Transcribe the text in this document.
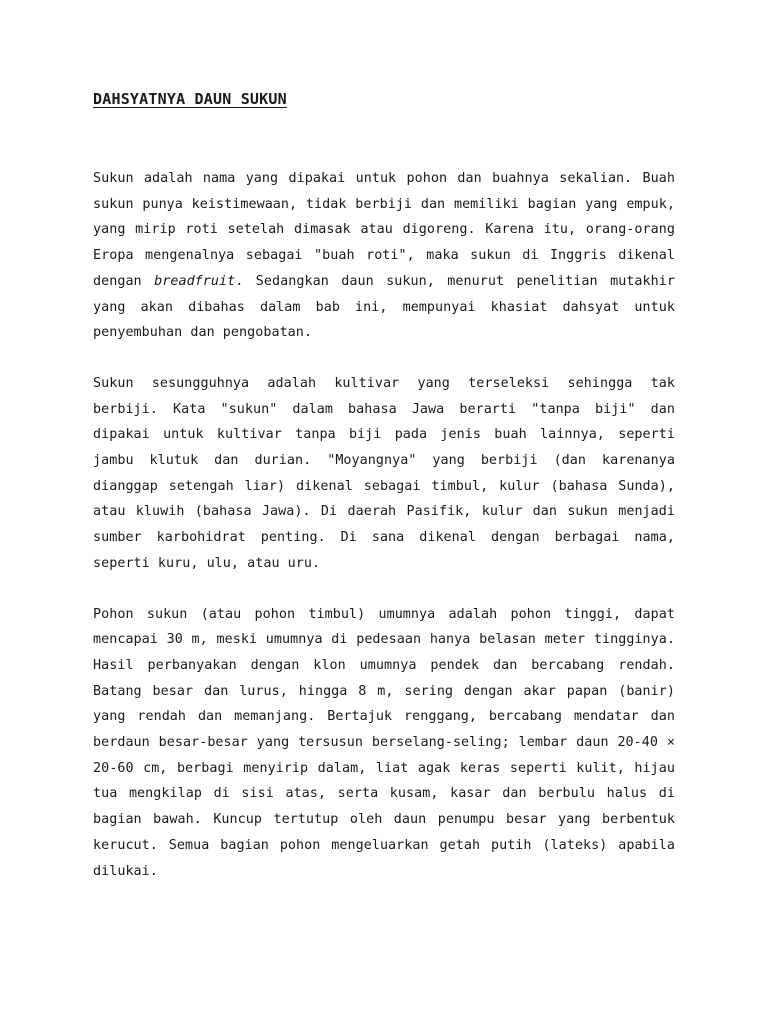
DAHSYATNYA DAUN SUKUN

Sukun adalah nama yang dipakai untuk pohon dan buahnya sekalian. Buah sukun punya keistimewaan, tidak berbiji dan memiliki bagian yang empuk, yang mirip roti setelah dimasak atau digoreng. Karena itu, orang-orang Eropa mengenalnya sebagai "buah roti", maka sukun di Inggris dikenal dengan breadfruit. Sedangkan daun sukun, menurut penelitian mutakhir yang akan dibahas dalam bab ini, mempunyai khasiat dahsyat untuk penyembuhan dan pengobatan.

Sukun sesungguhnya adalah kultivar yang terseleksi sehingga tak berbiji. Kata "sukun" dalam bahasa Jawa berarti "tanpa biji" dan dipakai untuk kultivar tanpa biji pada jenis buah lainnya, seperti jambu klutuk dan durian. "Moyangnya" yang berbiji (dan karenanya dianggap setengah liar) dikenal sebagai timbul, kulur (bahasa Sunda), atau kluwih (bahasa Jawa). Di daerah Pasifik, kulur dan sukun menjadi sumber karbohidrat penting. Di sana dikenal dengan berbagai nama, seperti kuru, ulu, atau uru.

Pohon sukun (atau pohon timbul) umumnya adalah pohon tinggi, dapat mencapai 30 m, meski umumnya di pedesaan hanya belasan meter tingginya. Hasil perbanyakan dengan klon umumnya pendek dan bercabang rendah. Batang besar dan lurus, hingga 8 m, sering dengan akar papan (banir) yang rendah dan memanjang. Bertajuk renggang, bercabang mendatar dan berdaun besar-besar yang tersusun berselang-seling; lembar daun 20-40 × 20-60 cm, berbagi menyirip dalam, liat agak keras seperti kulit, hijau tua mengkilap di sisi atas, serta kusam, kasar dan berbulu halus di bagian bawah. Kuncup tertutup oleh daun penumpu besar yang berbentuk kerucut. Semua bagian pohon mengeluarkan getah putih (lateks) apabila dilukai.
